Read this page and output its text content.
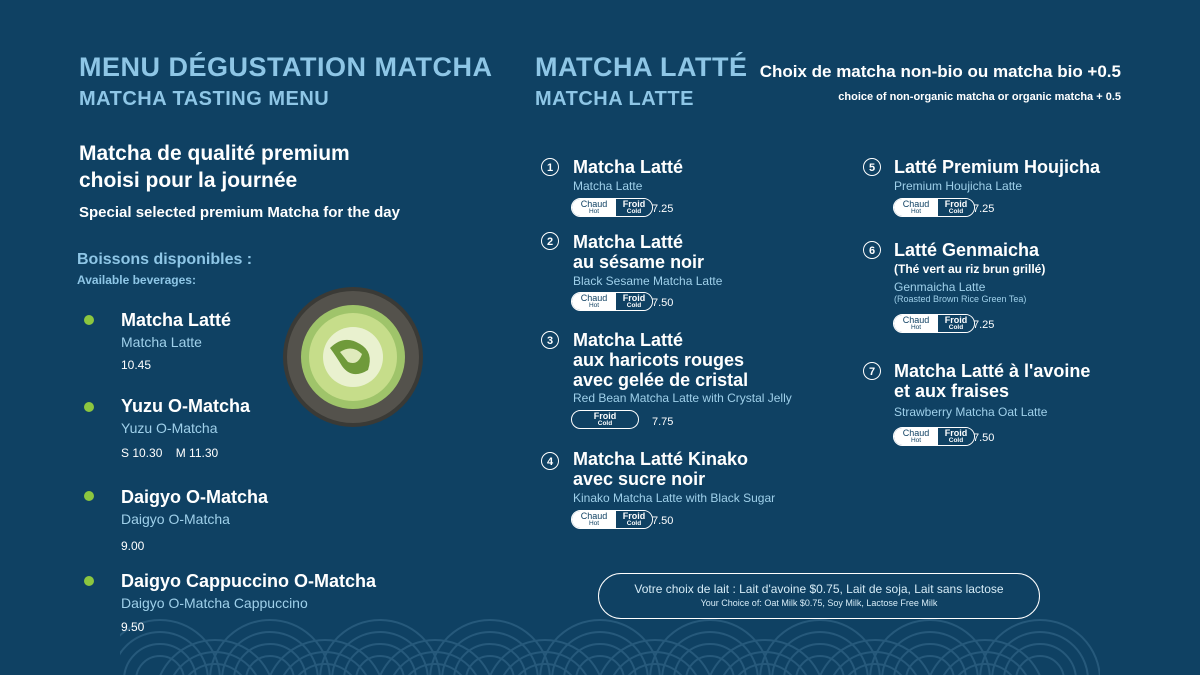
MENU DÉGUSTATION MATCHA
MATCHA TASTING MENU
Matcha de qualité premium
choisi pour la journée
Special selected premium Matcha for the day
Boissons disponibles :
Available beverages:
Matcha Latté
Matcha Latte
10.45
Yuzu O-Matcha
Yuzu O-Matcha
S 10.30    M 11.30
Daigyo O-Matcha
Daigyo O-Matcha
9.00
Daigyo Cappuccino O-Matcha
Daigyo O-Matcha Cappuccino
9.50
MATCHA LATTÉ
MATCHA LATTE
Choix de matcha non-bio ou matcha bio +0.5
choice of non-organic matcha or organic matcha + 0.5
1	Matcha Latté
Matcha Latte
Chaud
Hot
Froid
Cold 7.25
2	Matcha Latté
au sésame noir
Black Sesame Matcha Latte
Chaud
Hot
Froid
Cold 7.50
3	Matcha Latté
aux haricots rouges
avec gelée de cristal
Red Bean Matcha Latte with Crystal Jelly
Froid
Cold	7.75
4	Matcha Latté Kinako
avec sucre noir
Kinako Matcha Latte with Black Sugar
Chaud
Hot
Froid
Cold 7.50
5	Latté Premium Houjicha
Premium Houjicha Latte
Chaud
Hot
Froid
Cold 7.25
6	Latté Genmaicha
(Thé vert au riz brun grillé)
Genmaicha Latte
(Roasted Brown Rice Green Tea)
Chaud
Hot
Froid
Cold 7.25
7	Matcha Latté à l'avoine
et aux fraises
Strawberry Matcha Oat Latte
Chaud
Hot
Froid
Cold 7.50
Votre choix de lait : Lait d'avoine $0.75, Lait de soja, Lait sans lactose
Your Choice of: Oat Milk $0.75, Soy Milk, Lactose Free Milk
